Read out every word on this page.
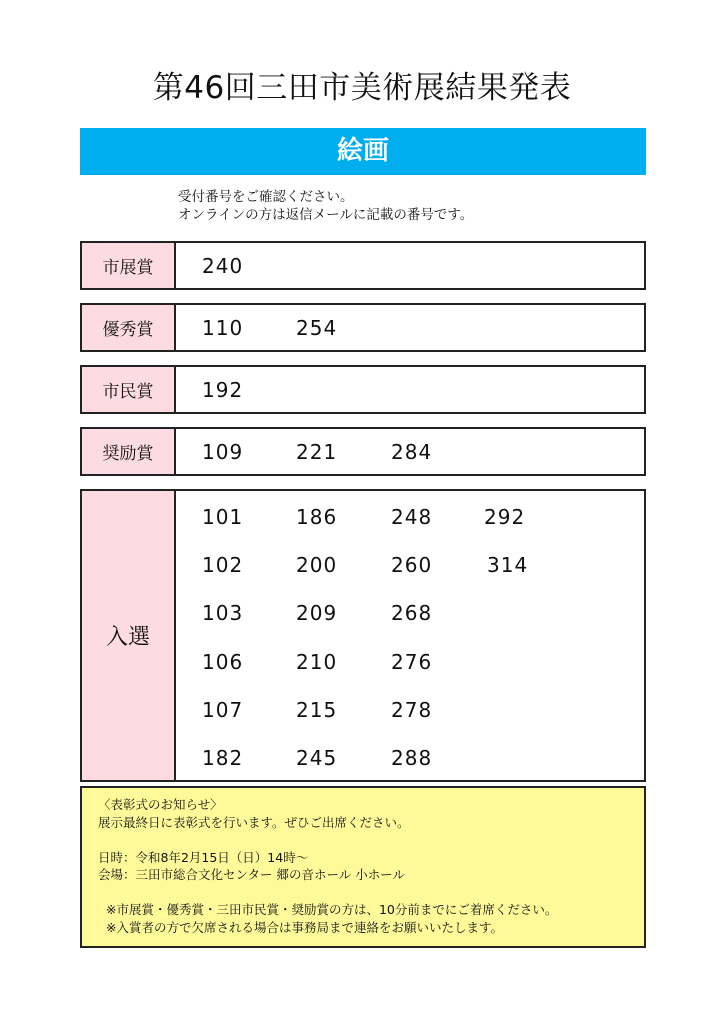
第46回三田市美術展結果発表
絵画
受付番号をご確認ください。
オンラインの方は返信メールに記載の番号です。
市展賞	240
優秀賞	110	254
市民賞	192
奨励賞	109	221	284
入選
101	186	248	292
102	200	260	314
103	209	268
106	210	276
107	215	278
182	245	288
〈表彰式のお知らせ〉
展示最終日に表彰式を行います。ぜひご出席ください。
日時：令和8年2月15日（日）14時〜
会場：三田市総合文化センター 郷の音ホール 小ホール
※市展賞・優秀賞・三田市民賞・奨励賞の方は、10分前までにご着席ください。
※入賞者の方で欠席される場合は事務局まで連絡をお願いいたします。
